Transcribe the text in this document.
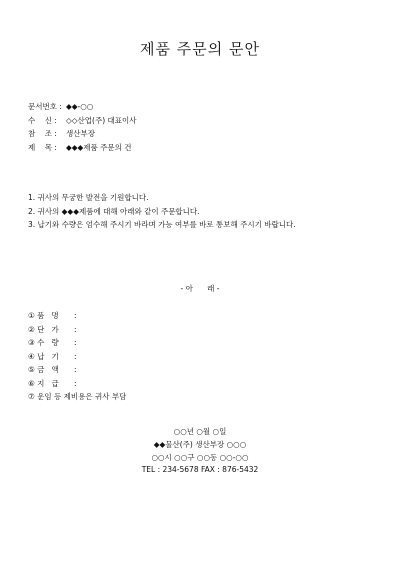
제품 주문의 문안
문서번호 : ◆◆-○○
수    신 :	◇◇산업(주) 대표이사
참    조 :	생산부장
제    목 :	◆◆◆제품 주문의 건
1. 귀사의 무궁한 발전을 기원합니다.
2. 귀사의 ◆◆◆제품에 대해 아래와 같이 주문합니다.
3. 납기와 수량은 엄수해 주시기 바라며 가능 여부를 바로 통보해 주시기 바랍니다.
- 아      래 -
① 품   명	:
② 단   가	:
③ 수   량	:
④ 납   기	:
⑤ 금   액	:
⑥ 지   급	:
⑦ 운임 등 제비용은 귀사 부담
○○년 ○월 ○일
◆◆물산(주) 생산부장 ○○○
○○시 ○○구 ○○동 ○○-○○
TEL : 234-5678 FAX : 876-5432
